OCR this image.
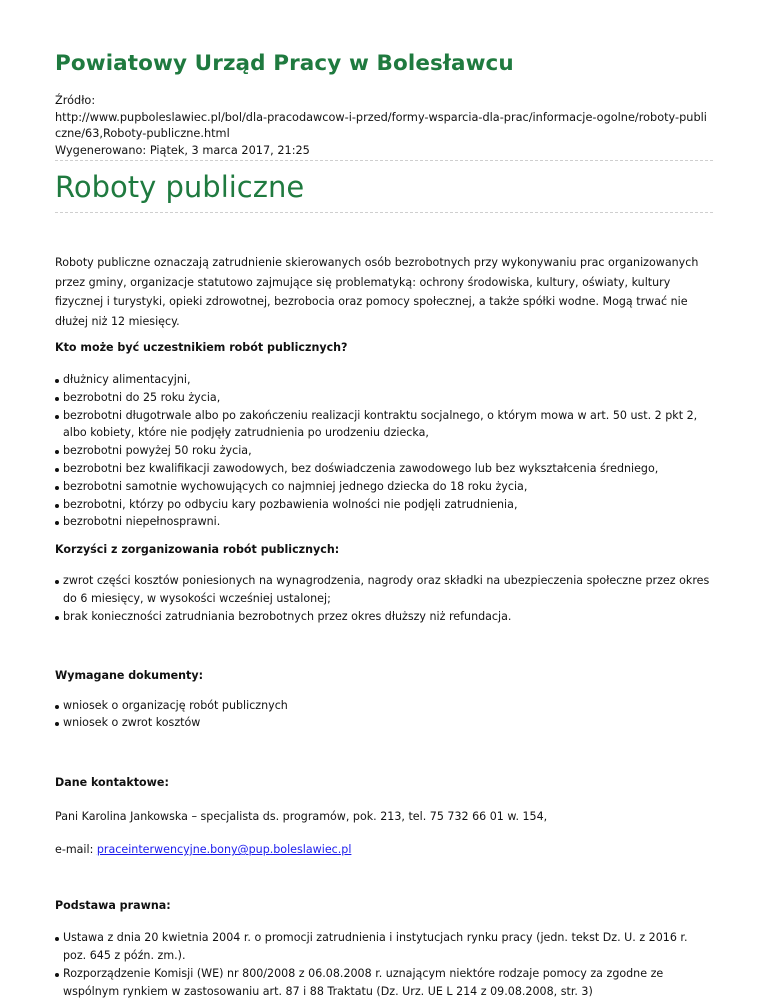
Powiatowy Urząd Pracy w Bolesławcu
Źródło:
http://www.pupboleslawiec.pl/bol/dla-pracodawcow-i-przed/formy-wsparcia-dla-prac/informacje-ogolne/roboty-publiczne/63,Roboty-publiczne.html
Wygenerowano: Piątek, 3 marca 2017, 21:25
Roboty publiczne

Roboty publiczne oznaczają zatrudnienie skierowanych osób bezrobotnych przy wykonywaniu prac organizowanych przez gminy, organizacje statutowo zajmujące się problematyką: ochrony środowiska, kultury, oświaty, kultury fizycznej i turystyki, opieki zdrowotnej, bezrobocia oraz pomocy społecznej, a także spółki wodne. Mogą trwać nie dłużej niż 12 miesięcy.

Kto może być uczestnikiem robót publicznych?

dłużnicy alimentacyjni,
bezrobotni do 25 roku życia,
bezrobotni długotrwale albo po zakończeniu realizacji kontraktu socjalnego, o którym mowa w art. 50 ust. 2 pkt 2, albo kobiety, które nie podjęły zatrudnienia po urodzeniu dziecka,
bezrobotni powyżej 50 roku życia,
bezrobotni bez kwalifikacji zawodowych, bez doświadczenia zawodowego lub bez wykształcenia średniego,
bezrobotni samotnie wychowujących co najmniej jednego dziecka do 18 roku życia,
bezrobotni, którzy po odbyciu kary pozbawienia wolności nie podjęli zatrudnienia,
bezrobotni niepełnosprawni.

Korzyści z zorganizowania robót publicznych:

zwrot części kosztów poniesionych na wynagrodzenia, nagrody oraz składki na ubezpieczenia społeczne przez okres do 6 miesięcy, w wysokości wcześniej ustalonej;
brak konieczności zatrudniania bezrobotnych przez okres dłuższy niż refundacja.

Wymagane dokumenty:

wniosek o organizację robót publicznych
wniosek o zwrot kosztów

Dane kontaktowe:

Pani Karolina Jankowska – specjalista ds. programów, pok. 213, tel. 75 732 66 01 w. 154,

e-mail: praceinterwencyjne.bony@pup.boleslawiec.pl

Podstawa prawna:

Ustawa z dnia 20 kwietnia 2004 r. o promocji zatrudnienia i instytucjach rynku pracy (jedn. tekst Dz. U. z 2016 r. poz. 645 z późn. zm.).
Rozporządzenie Komisji (WE) nr 800/2008 z 06.08.2008 r. uznającym niektóre rodzaje pomocy za zgodne ze wspólnym rynkiem w zastosowaniu art. 87 i 88 Traktatu (Dz. Urz. UE L 214 z 09.08.2008, str. 3)
